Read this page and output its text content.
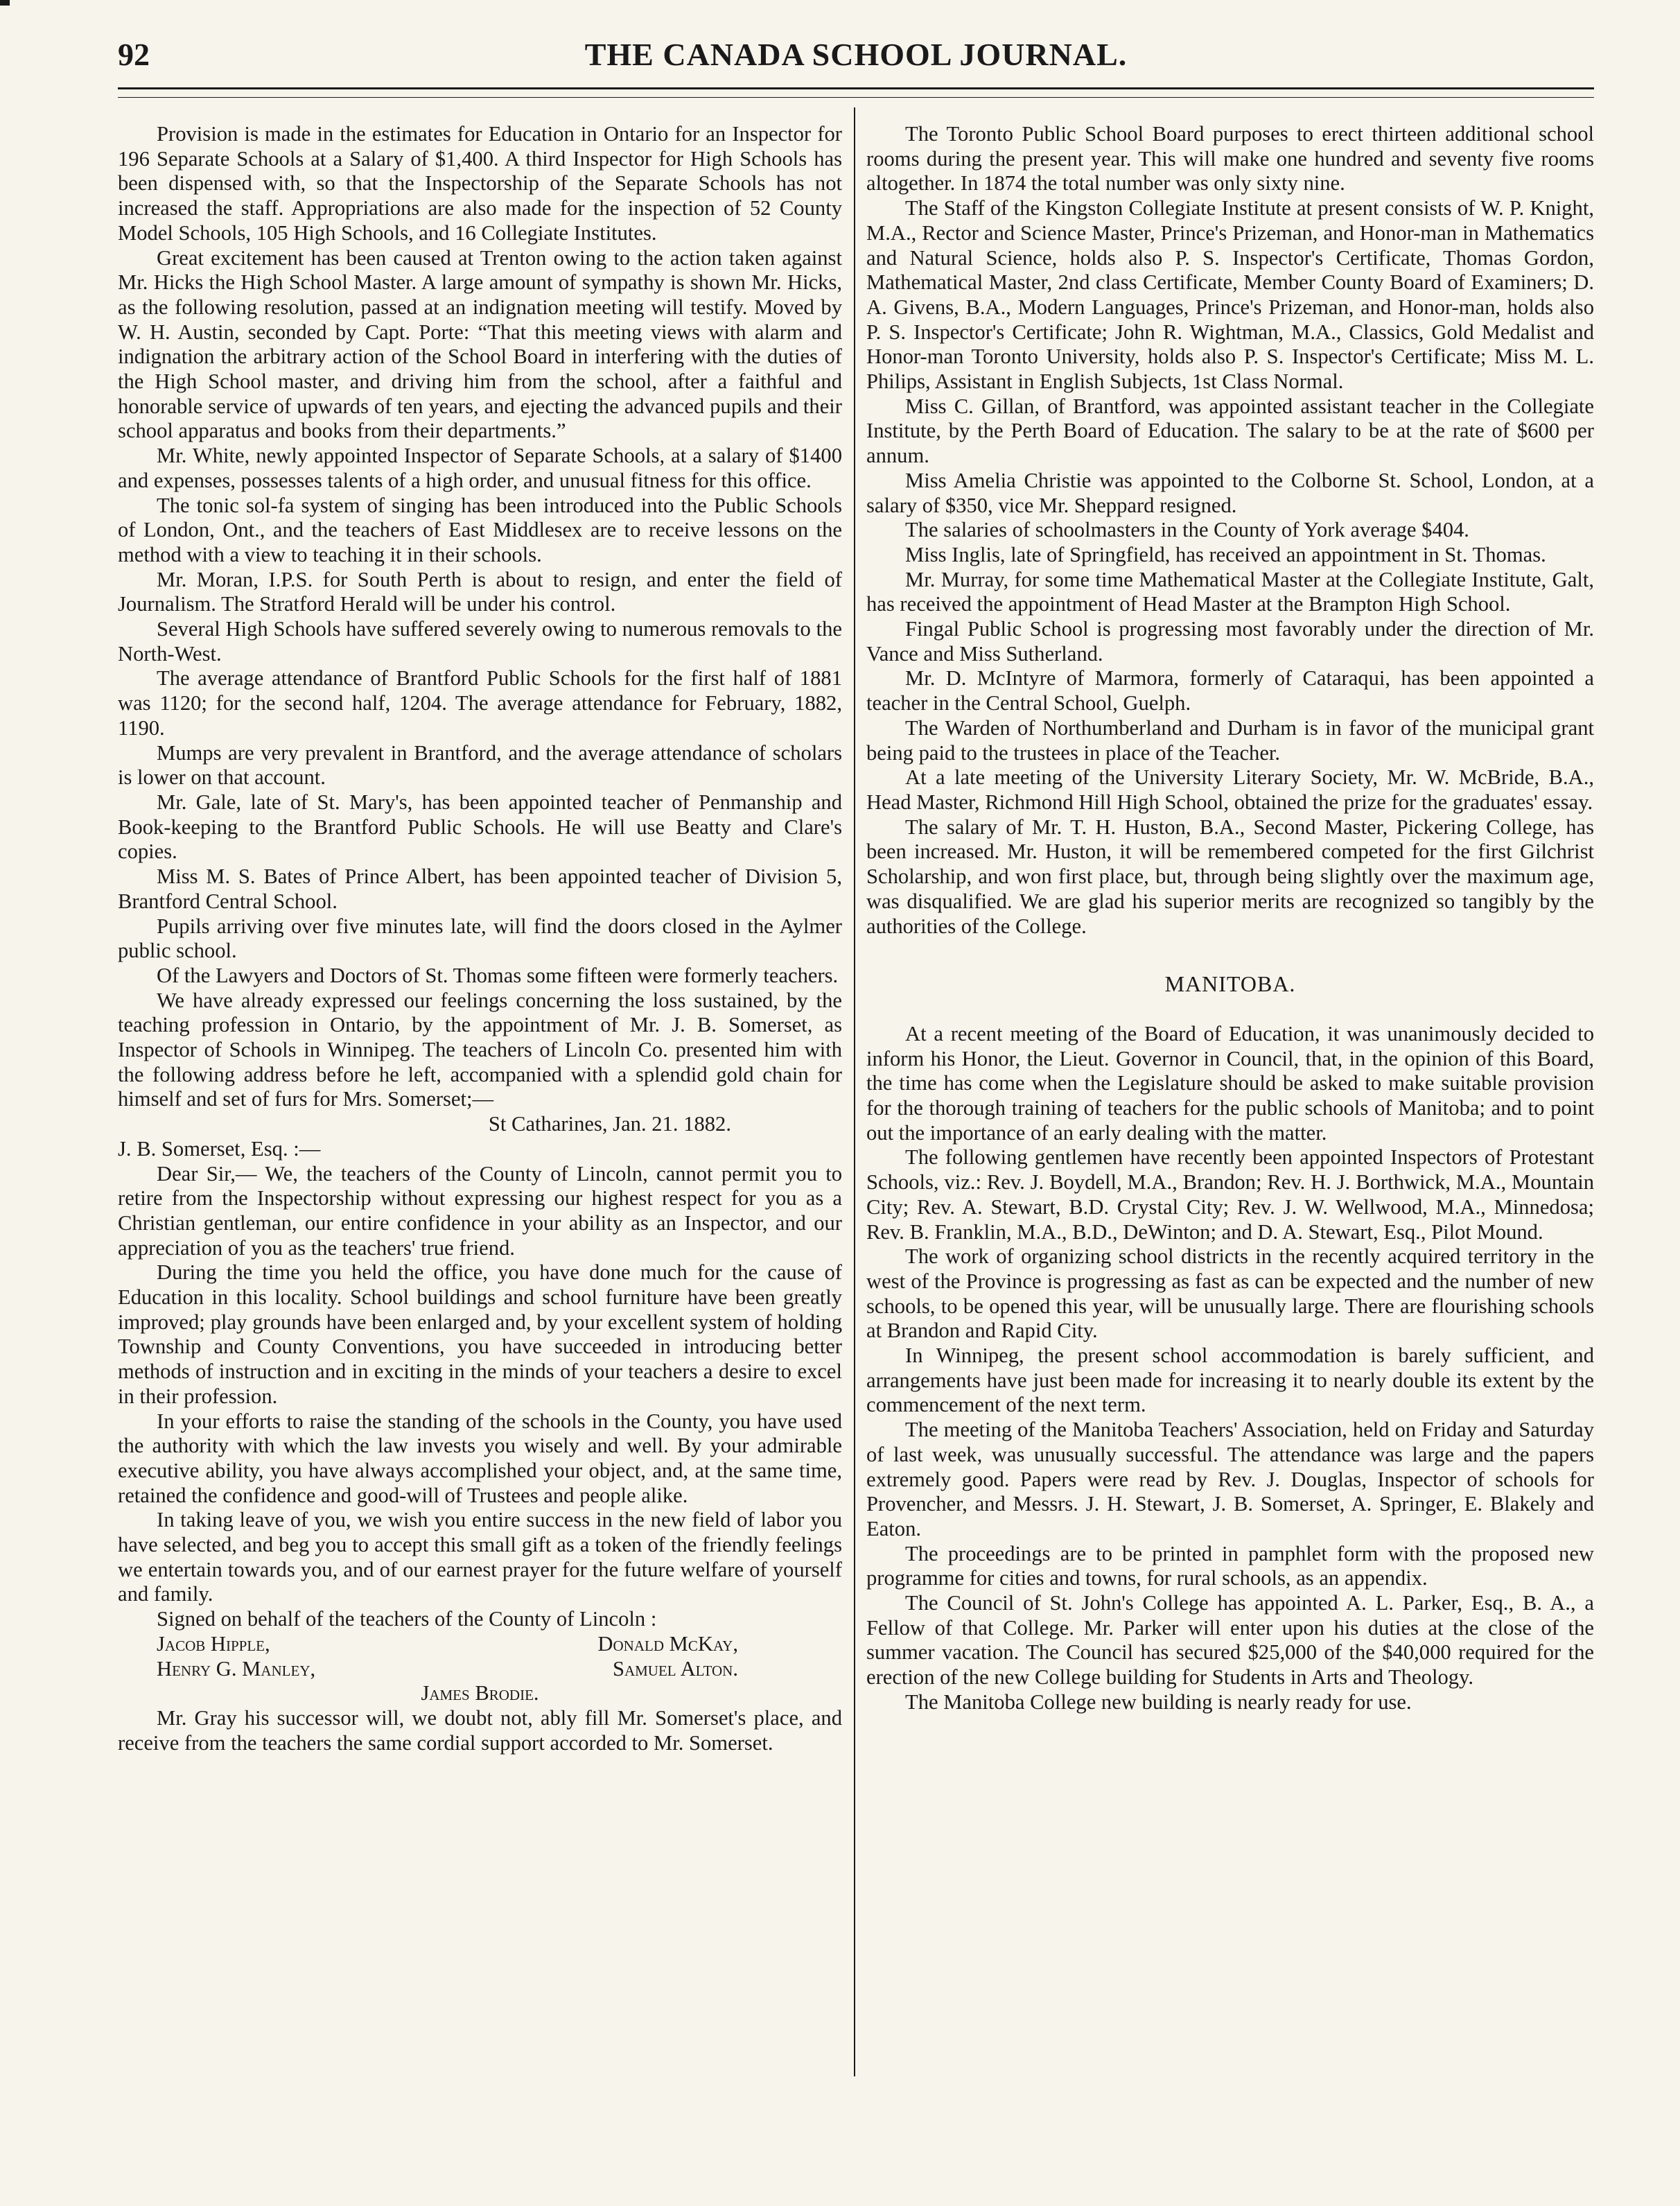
THE CANADA SCHOOL JOURNAL.
92

Provision is made in the estimates for Education in Ontario for an Inspector for 196 Separate Schools at a Salary of $1,400. A third Inspector for High Schools has been dispensed with, so that the Inspectorship of the Separate Schools has not increased the staff. Appropriations are also made for the inspection of 52 County Model Schools, 105 High Schools, and 16 Collegiate Institutes.

Great excitement has been caused at Trenton owing to the action taken against Mr. Hicks the High School Master. A large amount of sympathy is shown Mr. Hicks, as the following resolution, passed at an indignation meeting will testify. Moved by W. H. Austin, seconded by Capt. Porte: “That this meeting views with alarm and indignation the arbitrary action of the School Board in interfering with the duties of the High School master, and driving him from the school, after a faithful and honorable service of upwards of ten years, and ejecting the advanced pupils and their school apparatus and books from their departments.”

Mr. White, newly appointed Inspector of Separate Schools, at a salary of $1400 and expenses, possesses talents of a high order, and unusual fitness for this office.

The tonic sol-fa system of singing has been introduced into the Public Schools of London, Ont., and the teachers of East Middlesex are to receive lessons on the method with a view to teaching it in their schools.

Mr. Moran, I.P.S. for South Perth is about to resign, and enter the field of Journalism. The Stratford Herald will be under his control.

Several High Schools have suffered severely owing to numerous removals to the North-West.

The average attendance of Brantford Public Schools for the first half of 1881 was 1120; for the second half, 1204. The average attendance for February, 1882, 1190.

Mumps are very prevalent in Brantford, and the average attendance of scholars is lower on that account.

Mr. Gale, late of St. Mary's, has been appointed teacher of Penmanship and Book-keeping to the Brantford Public Schools. He will use Beatty and Clare's copies.

Miss M. S. Bates of Prince Albert, has been appointed teacher of Division 5, Brantford Central School.

Pupils arriving over five minutes late, will find the doors closed in the Aylmer public school.

Of the Lawyers and Doctors of St. Thomas some fifteen were formerly teachers.

We have already expressed our feelings concerning the loss sustained, by the teaching profession in Ontario, by the appointment of Mr. J. B. Somerset, as Inspector of Schools in Winnipeg. The teachers of Lincoln Co. presented him with the following address before he left, accompanied with a splendid gold chain for himself and set of furs for Mrs. Somerset;—

St Catharines, Jan. 21. 1882.

J. B. Somerset, Esq. :—

Dear Sir,— We, the teachers of the County of Lincoln, cannot permit you to retire from the Inspectorship without expressing our highest respect for you as a Christian gentleman, our entire confidence in your ability as an Inspector, and our appreciation of you as the teachers' true friend.

During the time you held the office, you have done much for the cause of Education in this locality. School buildings and school furniture have been greatly improved; play grounds have been enlarged and, by your excellent system of holding Township and County Conventions, you have succeeded in introducing better methods of instruction and in exciting in the minds of your teachers a desire to excel in their profession.

In your efforts to raise the standing of the schools in the County, you have used the authority with which the law invests you wisely and well. By your admirable executive ability, you have always accomplished your object, and, at the same time, retained the confidence and good-will of Trustees and people alike.

In taking leave of you, we wish you entire success in the new field of labor you have selected, and beg you to accept this small gift as a token of the friendly feelings we entertain towards you, and of our earnest prayer for the future welfare of yourself and family.

Signed on behalf of the teachers of the County of Lincoln :

Jacob Hipple,	Donald McKay,
Henry G. Manley,	Samuel Alton.
James Brodie.

Mr. Gray his successor will, we doubt not, ably fill Mr. Somerset's place, and receive from the teachers the same cordial support accorded to Mr. Somerset.

The Toronto Public School Board purposes to erect thirteen additional school rooms during the present year. This will make one hundred and seventy five rooms altogether. In 1874 the total number was only sixty nine.

The Staff of the Kingston Collegiate Institute at present consists of W. P. Knight, M.A., Rector and Science Master, Prince's Prizeman, and Honor-man in Mathematics and Natural Science, holds also P. S. Inspector's Certificate, Thomas Gordon, Mathematical Master, 2nd class Certificate, Member County Board of Examiners; D. A. Givens, B.A., Modern Languages, Prince's Prizeman, and Honor-man, holds also P. S. Inspector's Certificate; John R. Wightman, M.A., Classics, Gold Medalist and Honor-man Toronto University, holds also P. S. Inspector's Certificate; Miss M. L. Philips, Assistant in English Subjects, 1st Class Normal.

Miss C. Gillan, of Brantford, was appointed assistant teacher in the Collegiate Institute, by the Perth Board of Education. The salary to be at the rate of $600 per annum.

Miss Amelia Christie was appointed to the Colborne St. School, London, at a salary of $350, vice Mr. Sheppard resigned.

The salaries of schoolmasters in the County of York average $404.

Miss Inglis, late of Springfield, has received an appointment in St. Thomas.

Mr. Murray, for some time Mathematical Master at the Collegiate Institute, Galt, has received the appointment of Head Master at the Brampton High School.

Fingal Public School is progressing most favorably under the direction of Mr. Vance and Miss Sutherland.

Mr. D. McIntyre of Marmora, formerly of Cataraqui, has been appointed a teacher in the Central School, Guelph.

The Warden of Northumberland and Durham is in favor of the municipal grant being paid to the trustees in place of the Teacher.

At a late meeting of the University Literary Society, Mr. W. McBride, B.A., Head Master, Richmond Hill High School, obtained the prize for the graduates' essay.

The salary of Mr. T. H. Huston, B.A., Second Master, Pickering College, has been increased. Mr. Huston, it will be remembered competed for the first Gilchrist Scholarship, and won first place, but, through being slightly over the maximum age, was disqualified. We are glad his superior merits are recognized so tangibly by the authorities of the College.

MANITOBA.

At a recent meeting of the Board of Education, it was unanimously decided to inform his Honor, the Lieut. Governor in Council, that, in the opinion of this Board, the time has come when the Legislature should be asked to make suitable provision for the thorough training of teachers for the public schools of Manitoba; and to point out the importance of an early dealing with the matter.

The following gentlemen have recently been appointed Inspectors of Protestant Schools, viz.: Rev. J. Boydell, M.A., Brandon; Rev. H. J. Borthwick, M.A., Mountain City; Rev. A. Stewart, B.D. Crystal City; Rev. J. W. Wellwood, M.A., Minnedosa; Rev. B. Franklin, M.A., B.D., DeWinton; and D. A. Stewart, Esq., Pilot Mound.

The work of organizing school districts in the recently acquired territory in the west of the Province is progressing as fast as can be expected and the number of new schools, to be opened this year, will be unusually large. There are flourishing schools at Brandon and Rapid City.

In Winnipeg, the present school accommodation is barely sufficient, and arrangements have just been made for increasing it to nearly double its extent by the commencement of the next term.

The meeting of the Manitoba Teachers' Association, held on Friday and Saturday of last week, was unusually successful. The attendance was large and the papers extremely good. Papers were read by Rev. J. Douglas, Inspector of schools for Provencher, and Messrs. J. H. Stewart, J. B. Somerset, A. Springer, E. Blakely and Eaton.

The proceedings are to be printed in pamphlet form with the proposed new programme for cities and towns, for rural schools, as an appendix.

The Council of St. John's College has appointed A. L. Parker, Esq., B. A., a Fellow of that College. Mr. Parker will enter upon his duties at the close of the summer vacation. The Council has secured $25,000 of the $40,000 required for the erection of the new College building for Students in Arts and Theology.

The Manitoba College new building is nearly ready for use.
